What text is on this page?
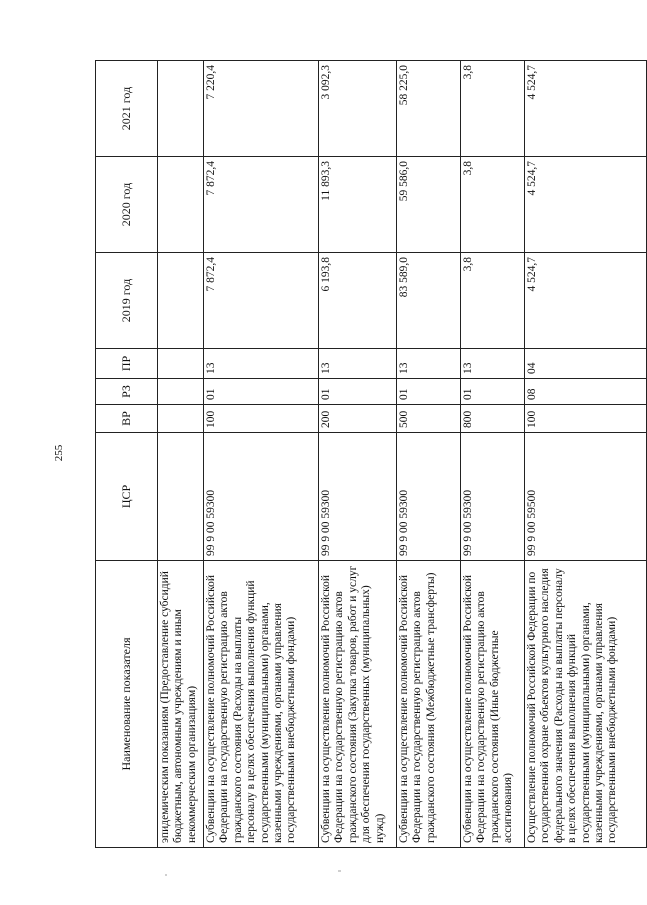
255
Наименование показателя	ЦСР	ВР	РЗ	ПР	2019 год	2020 год	2021 год
эпидемическим показаниям (Предоставление субсидий бюджетным, автономным учреждениям и иным некоммерческим организациям)							
Субвенции на осуществление полномочий Российской Федерации на государственную регистрацию актов гражданского состояния (Расходы на выплаты персоналу в целях обеспечения выполнения функций государственными (муниципальными) органами, казенными учреждениями, органами управления государственными внебюджетными фондами)	99 9 00 59300	100	01	13	7 872,4	7 872,4	7 220,4
Субвенции на осуществление полномочий Российской Федерации на государственную регистрацию актов гражданского состояния (Закупка товаров, работ и услуг для обеспечения государственных (муниципальных) нужд)	99 9 00 59300	200	01	13	6 193,8	11 893,3	3 092,3
Субвенции на осуществление полномочий Российской Федерации на государственную регистрацию актов гражданского состояния (Межбюджетные трансферты)	99 9 00 59300	500	01	13	83 589,0	59 586,0	58 225,0
Субвенции на осуществление полномочий Российской Федерации на государственную регистрацию актов гражданского состояния (Иные бюджетные ассигнования)	99 9 00 59300	800	01	13	3,8	3,8	3,8
Осуществление полномочий Российской Федерации по государственной охране объектов культурного наследия федерального значения (Расходы на выплаты персоналу в целях обеспечения выполнения функций государственными (муниципальными) органами, казенными учреждениями, органами управления государственными внебюджетными фондами)	99 9 00 59500	100	08	04	4 524,7	4 524,7	4 524,7
